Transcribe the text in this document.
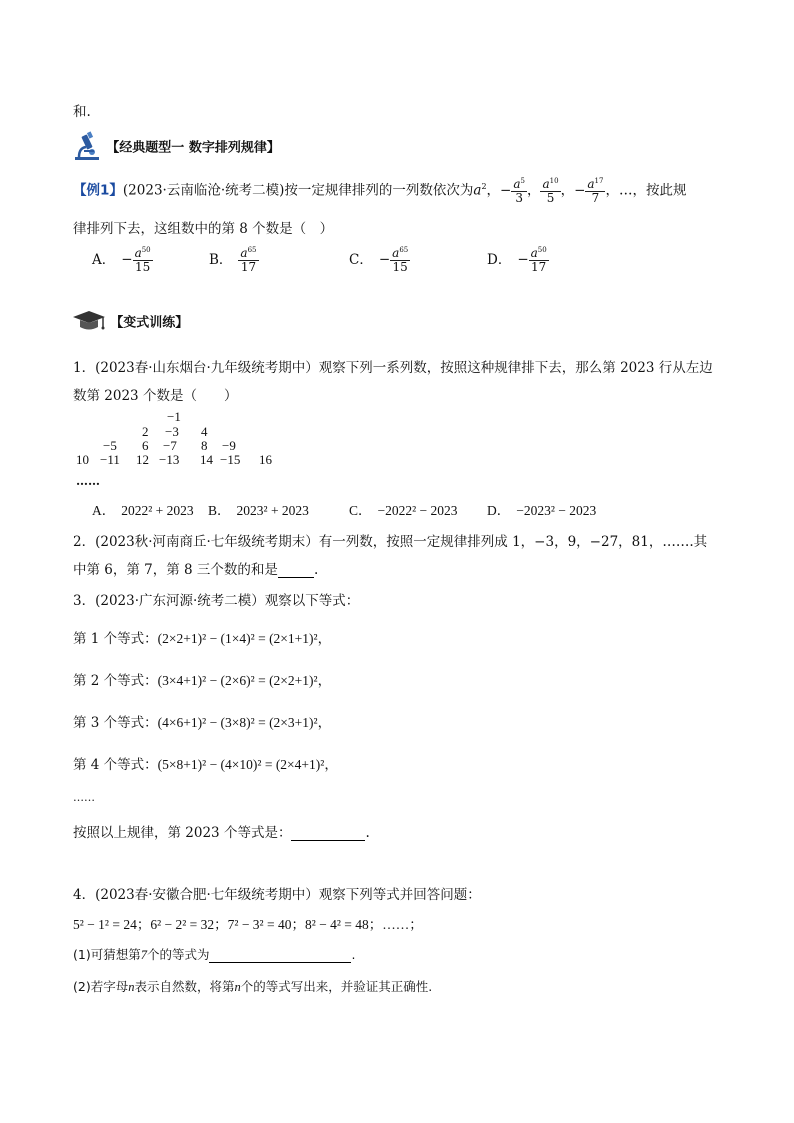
和.
【经典题型一 数字排列规律】
【例1】(2023·云南临沧·统考二模)按一定规律排列的一列数依次为$a^2$，− $\frac{a^5}{3}$ ， $\frac{a^{10}}{5}$ ，− $\frac{a^{17}}{7}$ ，…，按此规
律排列下去，这组数中的第 8 个数是（　）
A． − $\frac{a^{50}}{15}$	B． $\frac{a^{65}}{17}$	C． − $\frac{a^{65}}{15}$	D． − $\frac{a^{50}}{17}$
【变式训练】
1．(2023春·山东烟台·九年级统考期中）观察下列一系列数，按照这种规律排下去，那么第 2023 行从左边
数第 2023 个数是（　　）
−1
2 −3 4
−5 6 −7 8 −9
10 −11 12 −13 14 −15 16
……
A． 2022² + 2023 B． 2023² + 2023	C． −2022² − 2023 D． −2023² − 2023
2．(2023秋·河南商丘·七年级统考期末）有一列数，按照一定规律排列成 1，−3，9，−27，81，…….其
中第 6，第 7，第 8 三个数的和是	.
3．(2023·广东河源·统考二模）观察以下等式：
第 1 个等式：(2×2+1)² − (1×4)² = (2×1+1)²，
第 2 个等式：(3×4+1)² − (2×6)² = (2×2+1)²，
第 3 个等式：(4×6+1)² − (3×8)² = (2×3+1)²，
第 4 个等式：(5×8+1)² − (4×10)² = (2×4+1)²，
……
按照以上规律，第 2023 个等式是：	.
4．(2023春·安徽合肥·七年级统考期中）观察下列等式并回答问题：
5² − 1² = 24；6² − 2² = 32；7² − 3² = 40；8² − 4² = 48；……；
(1)可猜想第7个的等式为	.
(2)若字母n表示自然数，将第n个的等式写出来，并验证其正确性.
